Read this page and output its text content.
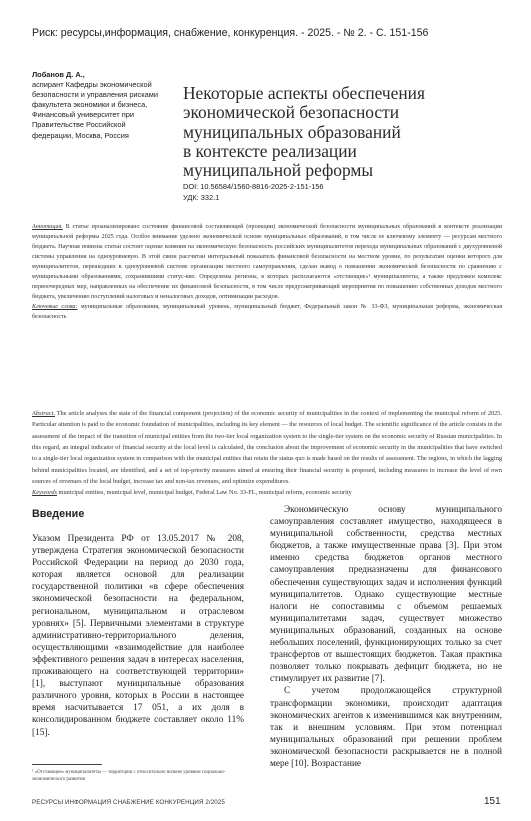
Риск: ресурсы,информация, снабжение, конкуренция. - 2025. - № 2. - С. 151-156
Лобанов Д. А.,
аспирант Кафедры экономической
безопасности и управления рисками
факультета экономики и бизнеса,
Финансовый университет при
Правительстве Российской
федерации, Москва, Россия
Некоторые аспекты обеспечения
экономической безопасности
муниципальных образований
в контексте реализации
муниципальной реформы
DOI: 10.56584/1560-8816-2025-2-151-156
УДК: 332.1

Аннотация. В статье проанализировано состояние финансовой составляющей (проекции) экономической безопасности муниципальных образований в контексте реализации муниципальной реформы 2025 года. Особое внимание уделено экономической основе муниципальных образований, в том числе ее ключевому элементу — ресурсам местного бюджета. Научная новизна статьи состоит оценке влияния на экономическую безопасность российских муниципалитетов перехода муниципальных образований с двухуровневой системы управления на одноуровневую. В этой связи рассчитан интегральный показатель финансовой безопасности на местном уровне, по результатам оценки которого для муниципалитетов, перешедших к одноуровневой системе организации местного самоуправления, сделан вывод о повышении экономической безопасности по сравнению с муниципальными образованиями, сохранившими статус-кво. Определены регионы, в которых располагаются «отстающие»¹ муниципалитеты, а также предложен комплекс первоочередных мер, направленных на обеспечение их финансовой безопасности, в том числе предусматривающий мероприятия по повышению собственных доходов местного бюджета, увеличению поступлений налоговых и неналоговых доходов, оптимизации расходов.

Ключевые слова: муниципальные образования, муниципальный уровень, муниципальный бюджет, Федеральный закон № 33-ФЗ, муниципальная реформа, экономическая безопасность

Abstract. The article analyses the state of the financial component (projection) of the economic security of municipalities in the context of implementing the municipal reform of 2025. Particular attention is paid to the economic foundation of municipalities, including its key element — the resources of local budget. The scientific significance of the article consists in the assessment of the impact of the transition of municipal entities from the two-tier local organization system to the single-tier system on the economic security of Russian municipalities. In this regard, an integral indicator of financial security at the local level is calculated, the conclusion about the improvement of economic security in the municipalities that have switched to a single-tier local organization system in comparison with the municipal entities that retain the status quo is made based on the results of assessment. The regions, in which the lagging behind municipalities located, are identified, and a set of top-priority measures aimed at ensuring their financial security is proposed, including measures to increase the level of own sources of revenues of the local budget, increase tax and non-tax revenues, and optimize expenditures.

Keywords municipal entities, municipal level, municipal budget, Federal Law No. 33-FL, municipal reform, economic security

Введение

Указом Президента РФ от 13.05.2017 № 208, утверждена Стратегия экономической безопасности Российской Федерации на период до 2030 года, которая является основой для реализации государственной политики «в сфере обеспечения экономической безопасности на федеральном, региональном, муниципальном и отраслевом уровнях» [5]. Первичными элементами в структуре административно-территориального деления, осуществляющими «взаимодействие для наиболее эффективного решения задач в интересах населения, проживающего на соответствующей территории» [1], выступают муниципальные образования различного уровня, которых в России в настоящее время насчитывается 17 051, а их доля в консолидированном бюджете составляет около 11% [15].

Экономическую основу муниципального самоуправления составляет имущество, находящееся в муниципальной собственности, средства местных бюджетов, а также имущественные права [3]. При этом именно средства бюджетов органов местного самоуправления предназначены для финансового обеспечения существующих задач и исполнения функций муниципалитетов. Однако существующие местные налоги не сопоставимы с объемом решаемых муниципалитетами задач, существует множество муниципальных образований, созданных на основе небольших поселений, функционирующих только за счет трансфертов от вышестоящих бюджетов. Такая практика позволяет только покрывать дефицит бюджета, но не стимулирует их развитие [7].

С учетом продолжающейся структурной трансформации экономики, происходит адаптация экономических агентов к изменившимся как внутренним, так и внешним условиям. При этом потенциал муниципальных образований при решении проблем экономической безопасности раскрывается не в полной мере [10]. Возрастание

¹ «Отстающие» муниципалитеты — территории с относительно низким уровнем социально-экономического развития
РЕСУРСЫ ИНФОРМАЦИЯ СНАБЖЕНИЕ КОНКУРЕНЦИЯ 2/2025	151
